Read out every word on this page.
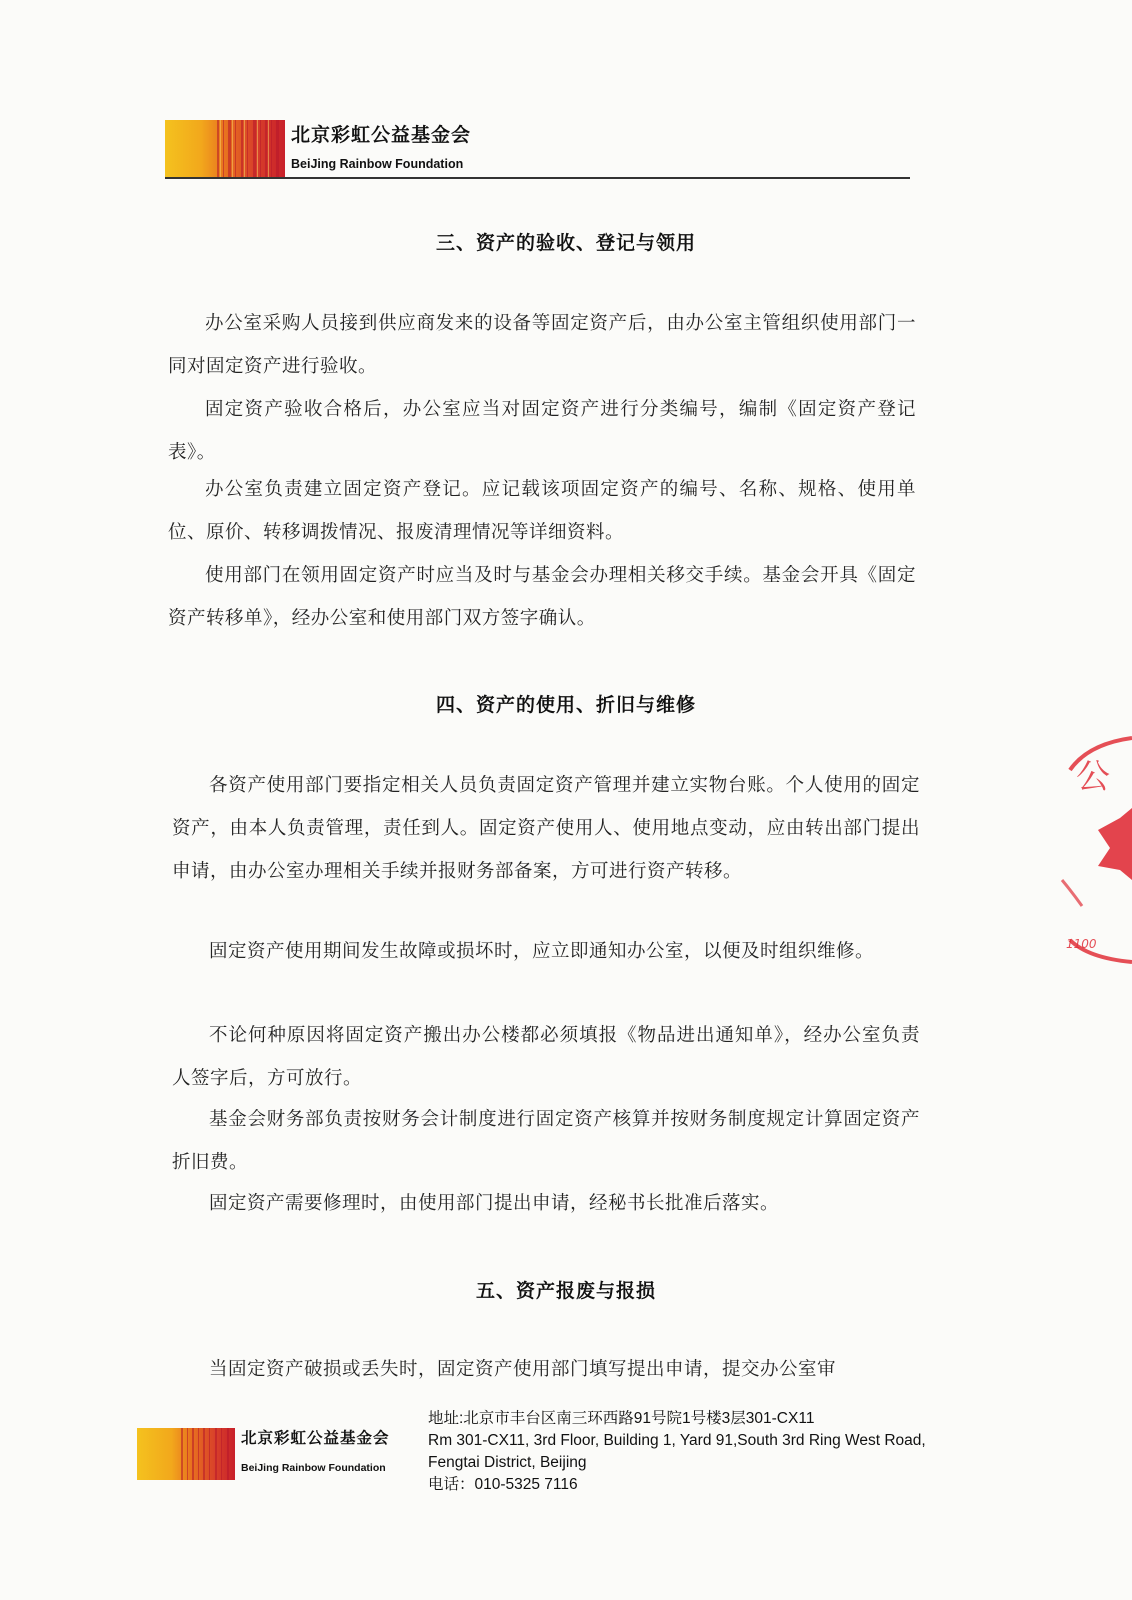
北京彩虹公益基金会
BeiJing Rainbow Foundation
三、资产的验收、登记与领用
办公室采购人员接到供应商发来的设备等固定资产后，由办公室主管组织使用部门一同对固定资产进行验收。
固定资产验收合格后，办公室应当对固定资产进行分类编号，编制《固定资产登记表》。
办公室负责建立固定资产登记。应记载该项固定资产的编号、名称、规格、使用单位、原价、转移调拨情况、报废清理情况等详细资料。
使用部门在领用固定资产时应当及时与基金会办理相关移交手续。基金会开具《固定资产转移单》，经办公室和使用部门双方签字确认。
四、资产的使用、折旧与维修
各资产使用部门要指定相关人员负责固定资产管理并建立实物台账。个人使用的固定资产，由本人负责管理，责任到人。固定资产使用人、使用地点变动，应由转出部门提出申请，由办公室办理相关手续并报财务部备案，方可进行资产转移。
固定资产使用期间发生故障或损坏时，应立即通知办公室，以便及时组织维修。
不论何种原因将固定资产搬出办公楼都必须填报《物品进出通知单》，经办公室负责人签字后，方可放行。
基金会财务部负责按财务会计制度进行固定资产核算并按财务制度规定计算固定资产折旧费。
固定资产需要修理时，由使用部门提出申请，经秘书长批准后落实。
五、资产报废与报损
当固定资产破损或丢失时，固定资产使用部门填写提出申请，提交办公室审
公
1100
北京彩虹公益基金会
BeiJing Rainbow Foundation
地址:北京市丰台区南三环西路91号院1号楼3层301-CX11
Rm 301-CX11, 3rd Floor, Building 1, Yard 91,South 3rd Ring West Road,
Fengtai District, Beijing
电话：010-5325 7116
